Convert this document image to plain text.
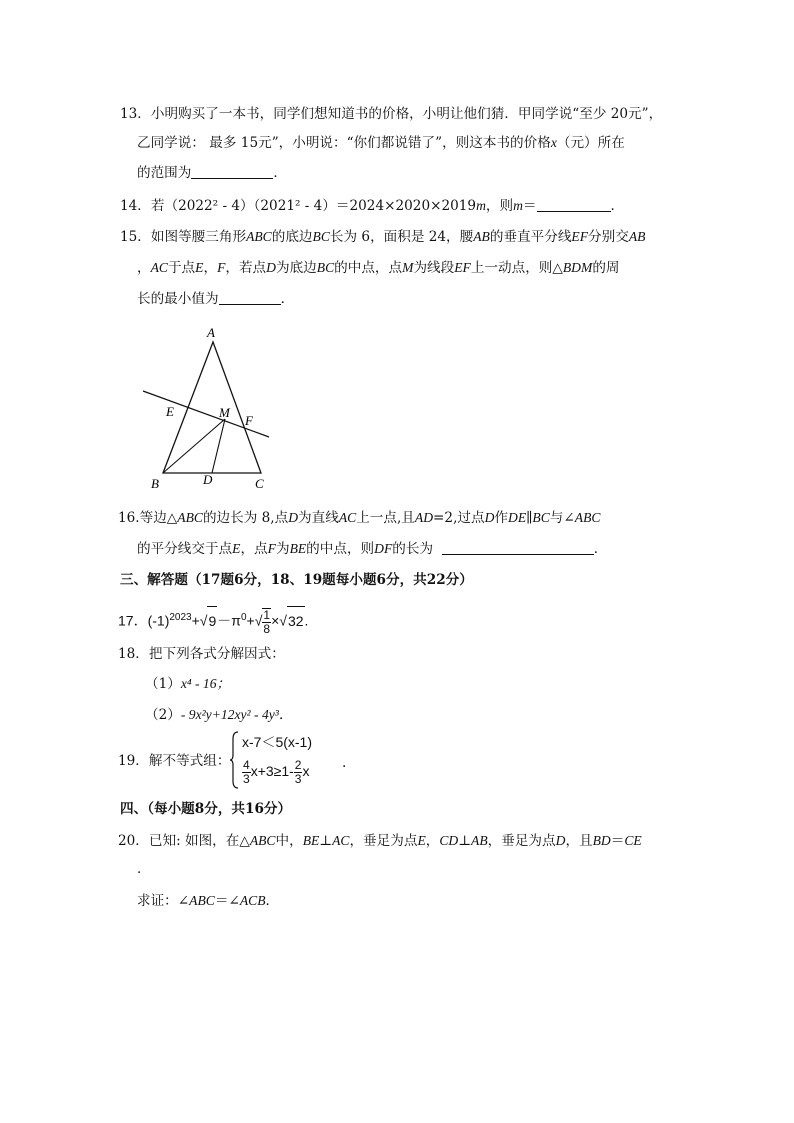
13．小明购买了一本书，同学们想知道书的价格，小明让他们猜．甲同学说“至少 20元”，
乙同学说： 最多 15元”，小明说：“你们都说错了”，则这本书的价格x（元）所在
的范围为	．
14．若（2022² - 4）（2021² - 4）＝2024×2020×2019m，则m＝	．
15．如图等腰三角形ABC的底边BC长为 6，面积是 24，腰AB的垂直平分线EF分别交AB
，AC于点E，F，若点D为底边BC的中点，点M为线段EF上一动点，则△BDM的周
长的最小值为	．
A
B	C
D
E
F
M
16.等边△ABC的边长为 8,点D为直线AC上一点,且AD=2,过点D作DE∥BC与∠ABC
的平分线交于点E，点F为BE的中点，则DF的长为	．
三、解答题（17题6分，18、19题每小题6分，共22分）
17．$(-1)^{2023}+√9-\pi^0+√ \frac{1}{8} \times√32$.
18．把下列各式分解因式：
（1）x⁴ - 16；
（2）- 9x²y+12xy² - 4y³．
19．解不等式组：
x-7＜5(x-1)
$\frac{4}{3} x+3\ge 1- \frac{2}{3}$ x .
四、（每小题8分，共16分）
20．已知: 如图，在△ABC中，BE⊥AC，垂足为点E，CD⊥AB，垂足为点D，且BD＝CE
．
求证：∠ABC＝∠ACB．
